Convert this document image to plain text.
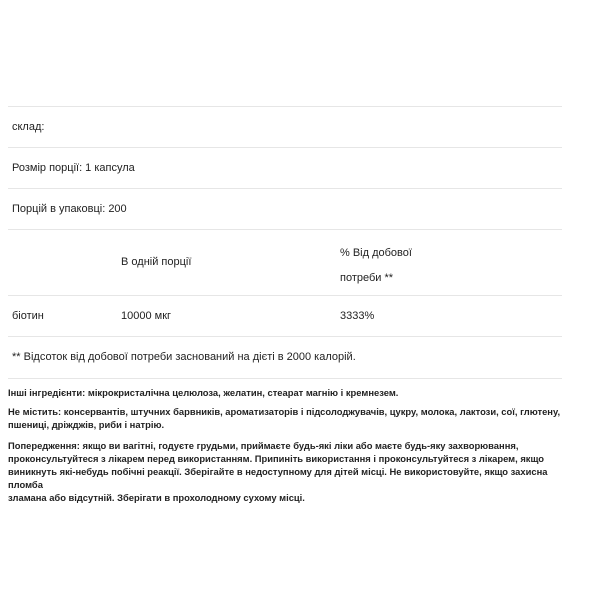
склад:
Розмір порції: 1 капсула
Порцій в упаковці: 200
В одній порції
% Від добової
потреби **
біотин	10000 мкг	3333%
** Відсоток від добової потреби заснований на дієті в 2000 калорій.

Інші інгредієнти: мікрокристалічна целюлоза, желатин, стеарат магнію і кремнезем.

Не містить: консервантів, штучних барвників, ароматизаторів і підсолоджувачів, цукру, молока, лактози, сої, глютену,
пшениці, дріжджів, риби і натрію.

Попередження: якщо ви вагітні, годуєте грудьми, приймаєте будь-які ліки або маєте будь-яку захворювання,
проконсультуйтеся з лікарем перед використанням. Припиніть використання і проконсультуйтеся з лікарем, якщо
виникнуть які-небудь побічні реакції. Зберігайте в недоступному для дітей місці. Не використовуйте, якщо захисна пломба
зламана або відсутній. Зберігати в прохолодному сухому місці.
